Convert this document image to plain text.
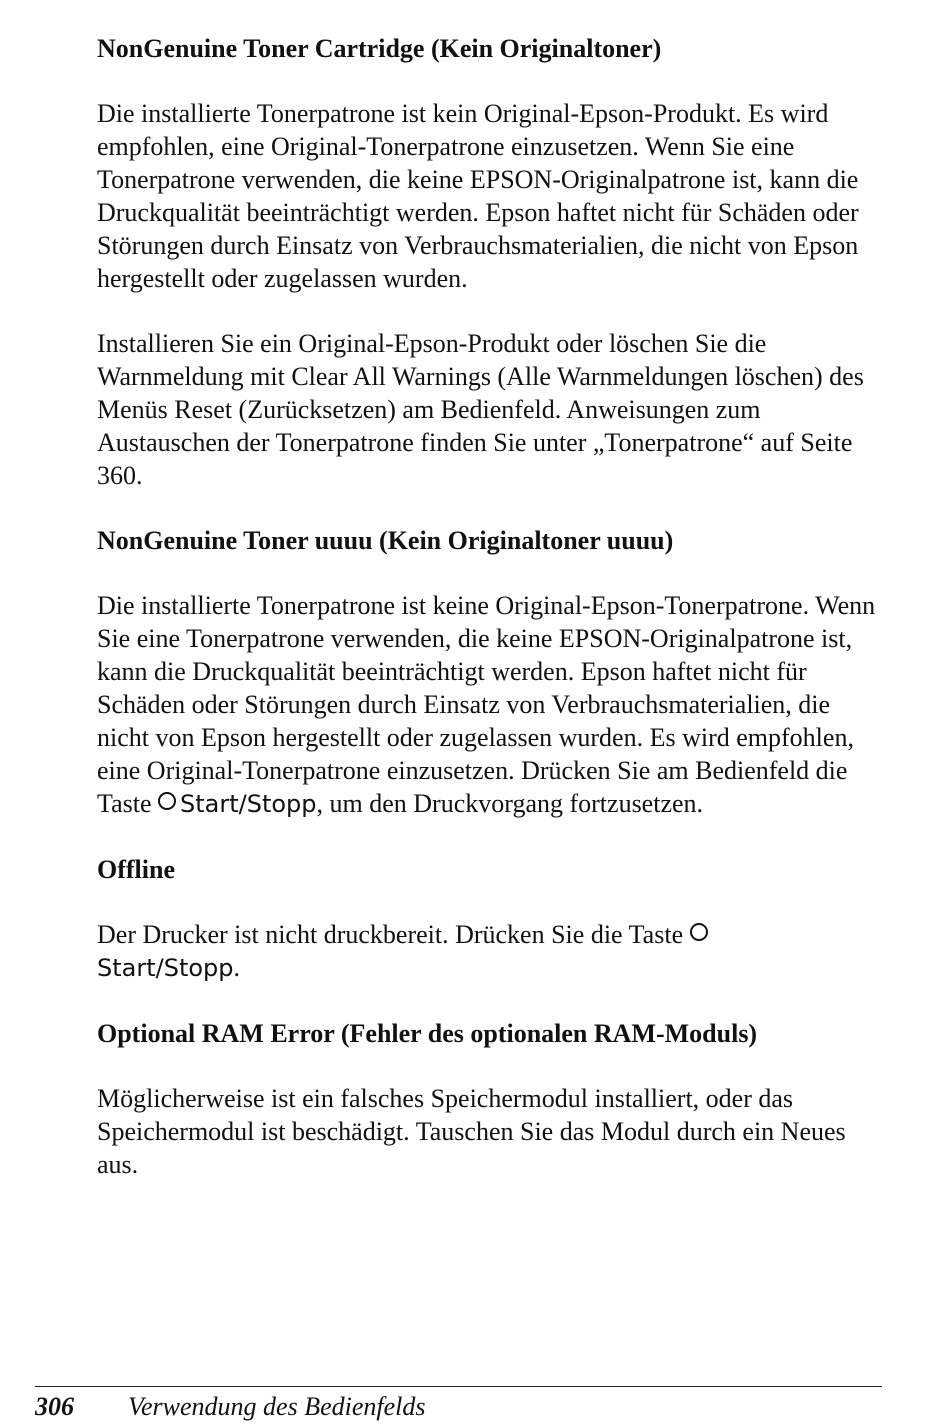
NonGenuine Toner Cartridge (Kein Originaltoner)
Die installierte Tonerpatrone ist kein Original-Epson-Produkt. Es wird empfohlen, eine Original-Tonerpatrone einzusetzen. Wenn Sie eine Tonerpatrone verwenden, die keine EPSON-Originalpatrone ist, kann die Druckqualität beeinträchtigt werden. Epson haftet nicht für Schäden oder Störungen durch Einsatz von Verbrauchsmaterialien, die nicht von Epson hergestellt oder zugelassen wurden.
Installieren Sie ein Original-Epson-Produkt oder löschen Sie die Warnmeldung mit Clear All Warnings (Alle Warnmeldungen löschen) des Menüs Reset (Zurücksetzen) am Bedienfeld. Anweisungen zum Austauschen der Tonerpatrone finden Sie unter „Tonerpatrone“ auf Seite 360.
NonGenuine Toner uuuu (Kein Originaltoner uuuu)
Die installierte Tonerpatrone ist keine Original-Epson-Tonerpatrone. Wenn Sie eine Tonerpatrone verwenden, die keine EPSON-Originalpatrone ist, kann die Druckqualität beeinträchtigt werden. Epson haftet nicht für Schäden oder Störungen durch Einsatz von Verbrauchsmaterialien, die nicht von Epson hergestellt oder zugelassen wurden. Es wird empfohlen, eine Original-Tonerpatrone einzusetzen. Drücken Sie am Bedienfeld die Taste Start/Stopp, um den Druckvorgang fortzusetzen.
Offline
Der Drucker ist nicht druckbereit. Drücken Sie die Taste
Start/Stopp.
Optional RAM Error (Fehler des optionalen RAM-Moduls)
Möglicherweise ist ein falsches Speichermodul installiert, oder das Speichermodul ist beschädigt. Tauschen Sie das Modul durch ein Neues aus.
306 Verwendung des Bedienfelds
